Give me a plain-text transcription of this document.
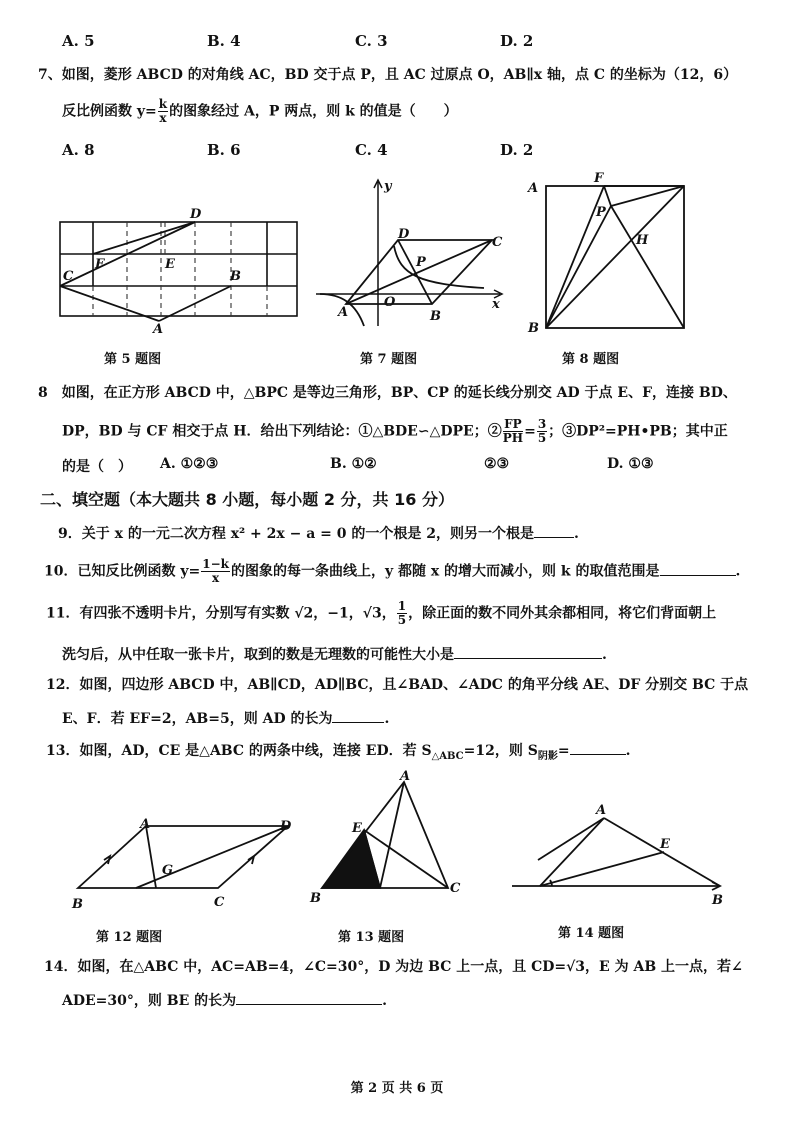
A. 5	B. 4	C. 3	D. 2
7、如图，菱形 ABCD 的对角线 AC，BD 交于点 P，且 AC 过原点 O，AB∥x 轴，点 C 的坐标为（12，6）
反比例函数 $y= \frac{k}{x}$ 的图象经过 A，P 两点，则 k 的值是（　　）
A. 8	B. 6	C. 4	D. 2
D
F	E
C	B
A
第 5 题图
y
x
D
C
P
O
A	B
第 7 题图
A
F
P
H
B
第 8 题图
8　如图，在正方形 ABCD 中，△BPC 是等边三角形，BP、CP 的延长线分别交 AD 于点 E、F，连接 BD、
DP，BD 与 CF 相交于点 H．给出下列结论：①△BDE∽△DPE；② $\frac{FP}{PH} = \frac{3}{5}$ ；③DP²=PH•PB；其中正
的是（　） A. ①②③	B. ①②	②③	D. ①③
二、填空题（本大题共 8 小题，每小题 2 分，共 16 分）
9．关于 x 的一元二次方程 x² + 2x − a = 0 的一个根是 2，则另一个根是	.
10．已知反比例函数 $y= \frac{1-k}{x}$ 的图象的每一条曲线上，y 都随 x 的增大而减小，则 k 的取值范围是	.
11．有四张不透明卡片，分别写有实数 √2，−1，√3， $\frac{1}{5}$ ，除正面的数不同外其余都相同，将它们背面朝上
洗匀后，从中任取一张卡片，取到的数是无理数的可能性大小是	.
12．如图，四边形 ABCD 中，AB∥CD，AD∥BC，且∠BAD、∠ADC 的角平分线 AE、DF 分别交 BC 于点
E、F．若 EF=2，AB=5，则 AD 的长为	.
13．如图，AD，CE 是△ABC 的两条中线，连接 ED．若 $S_{\triangle ABC}=12$，则 $S_{阴影}=$	.
A	D
G
B	C
第 12 题图
A
E
B
C
第 13 题图
A
E
B
第 14 题图
14．如图，在△ABC 中，AC=AB=4，∠C=30°，D 为边 BC 上一点，且 CD=√3，E 为 AB 上一点，若∠
ADE=30°，则 BE 的长为	.
第 2 页 共 6 页
